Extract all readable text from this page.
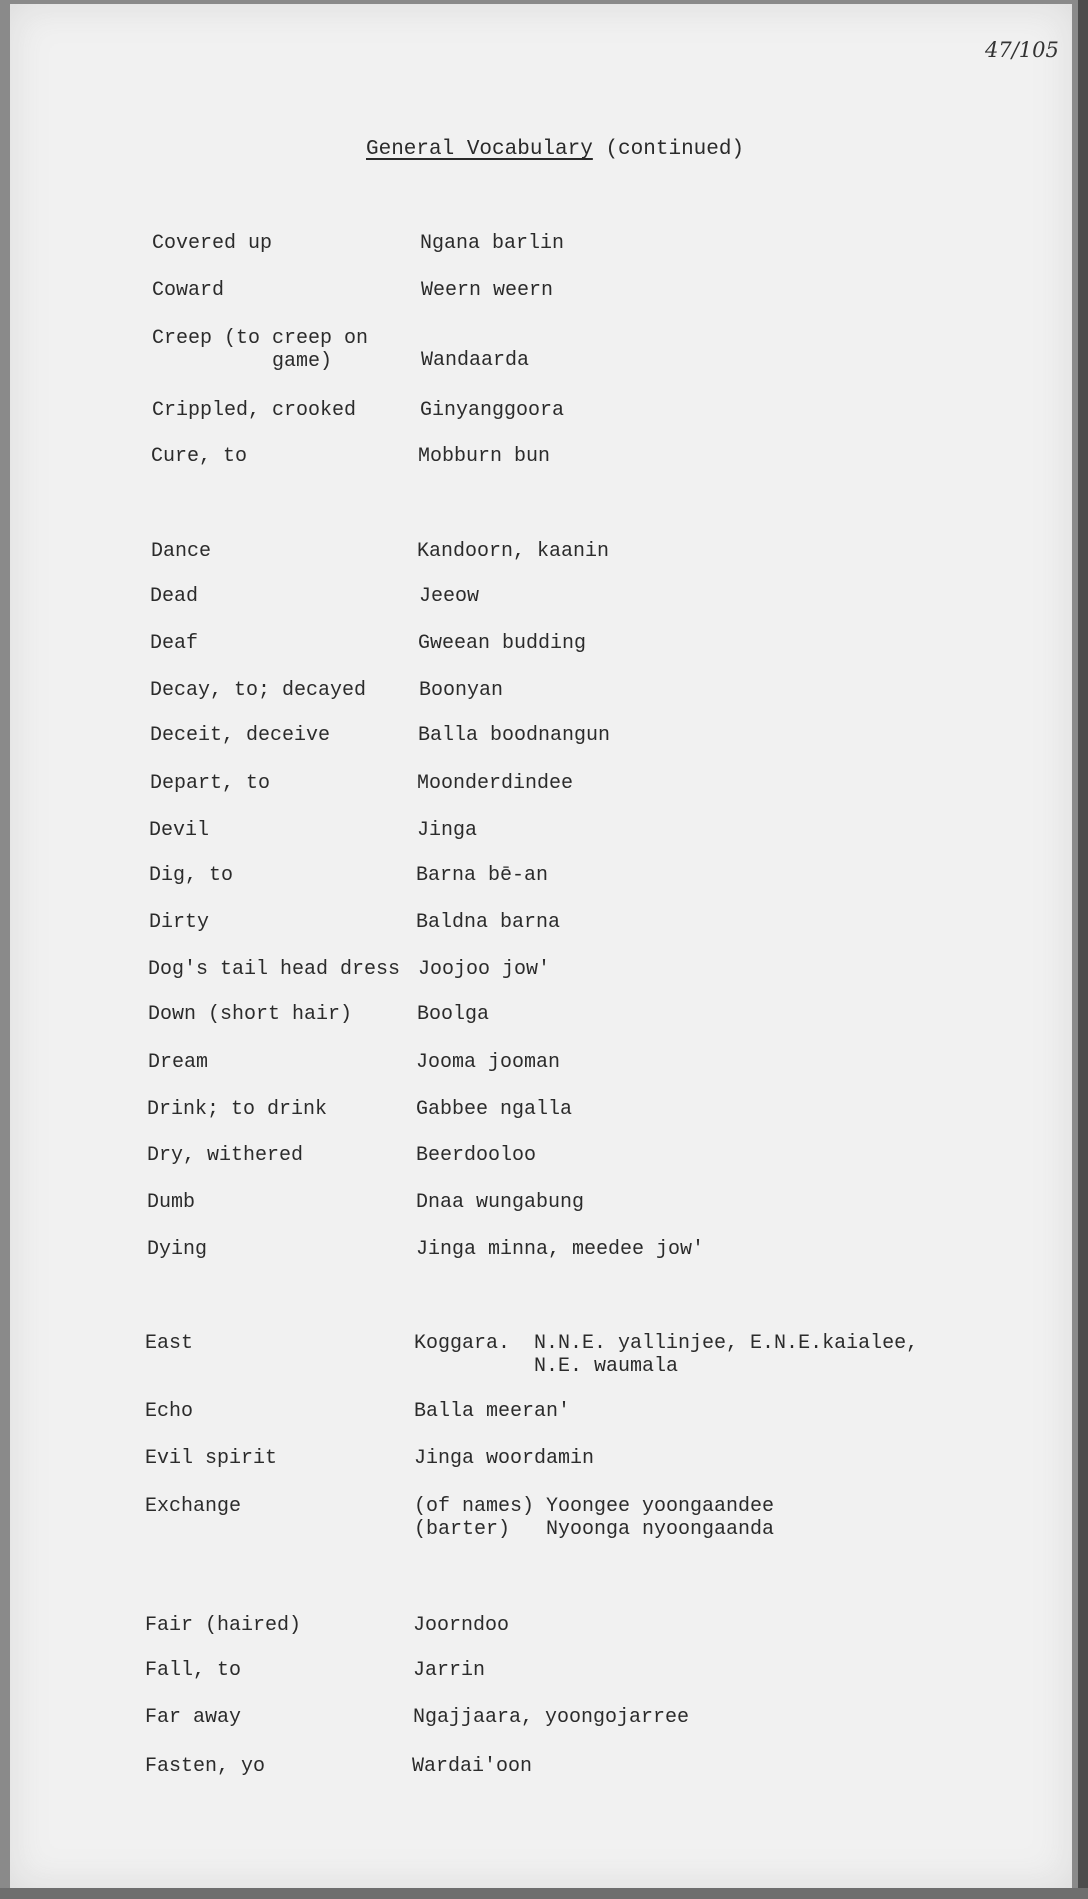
47/105
General Vocabulary (continued)
Covered up	Ngana barlin
Coward	Weern weern
Creep (to creep on
game)	Wandaarda
Crippled, crooked	Ginyanggoora
Cure, to	Mobburn bun
Dance	Kandoorn, kaanin
Dead	Jeeow
Deaf	Gweean budding
Decay, to; decayed	Boonyan
Deceit, deceive	Balla boodnangun
Depart, to	Moonderdindee
Devil	Jinga
Dig, to	Barna bē-an
Dirty	Baldna barna
Dog's tail head dress Joojoo jow'
Down (short hair)	Boolga
Dream	Jooma jooman
Drink; to drink	Gabbee ngalla
Dry, withered	Beerdooloo
Dumb	Dnaa wungabung
Dying	Jinga minna, meedee jow'
East	Koggara.  N.N.E. yallinjee, E.N.E.kaialee,
N.E. waumala
Echo	Balla meeran'
Evil spirit	Jinga woordamin
Exchange	(of names) Yoongee yoongaandee
(barter)   Nyoonga nyoongaanda
Fair (haired)	Joorndoo
Fall, to	Jarrin
Far away	Ngajjaara, yoongojarree
Fasten, yo	Wardai'oon
